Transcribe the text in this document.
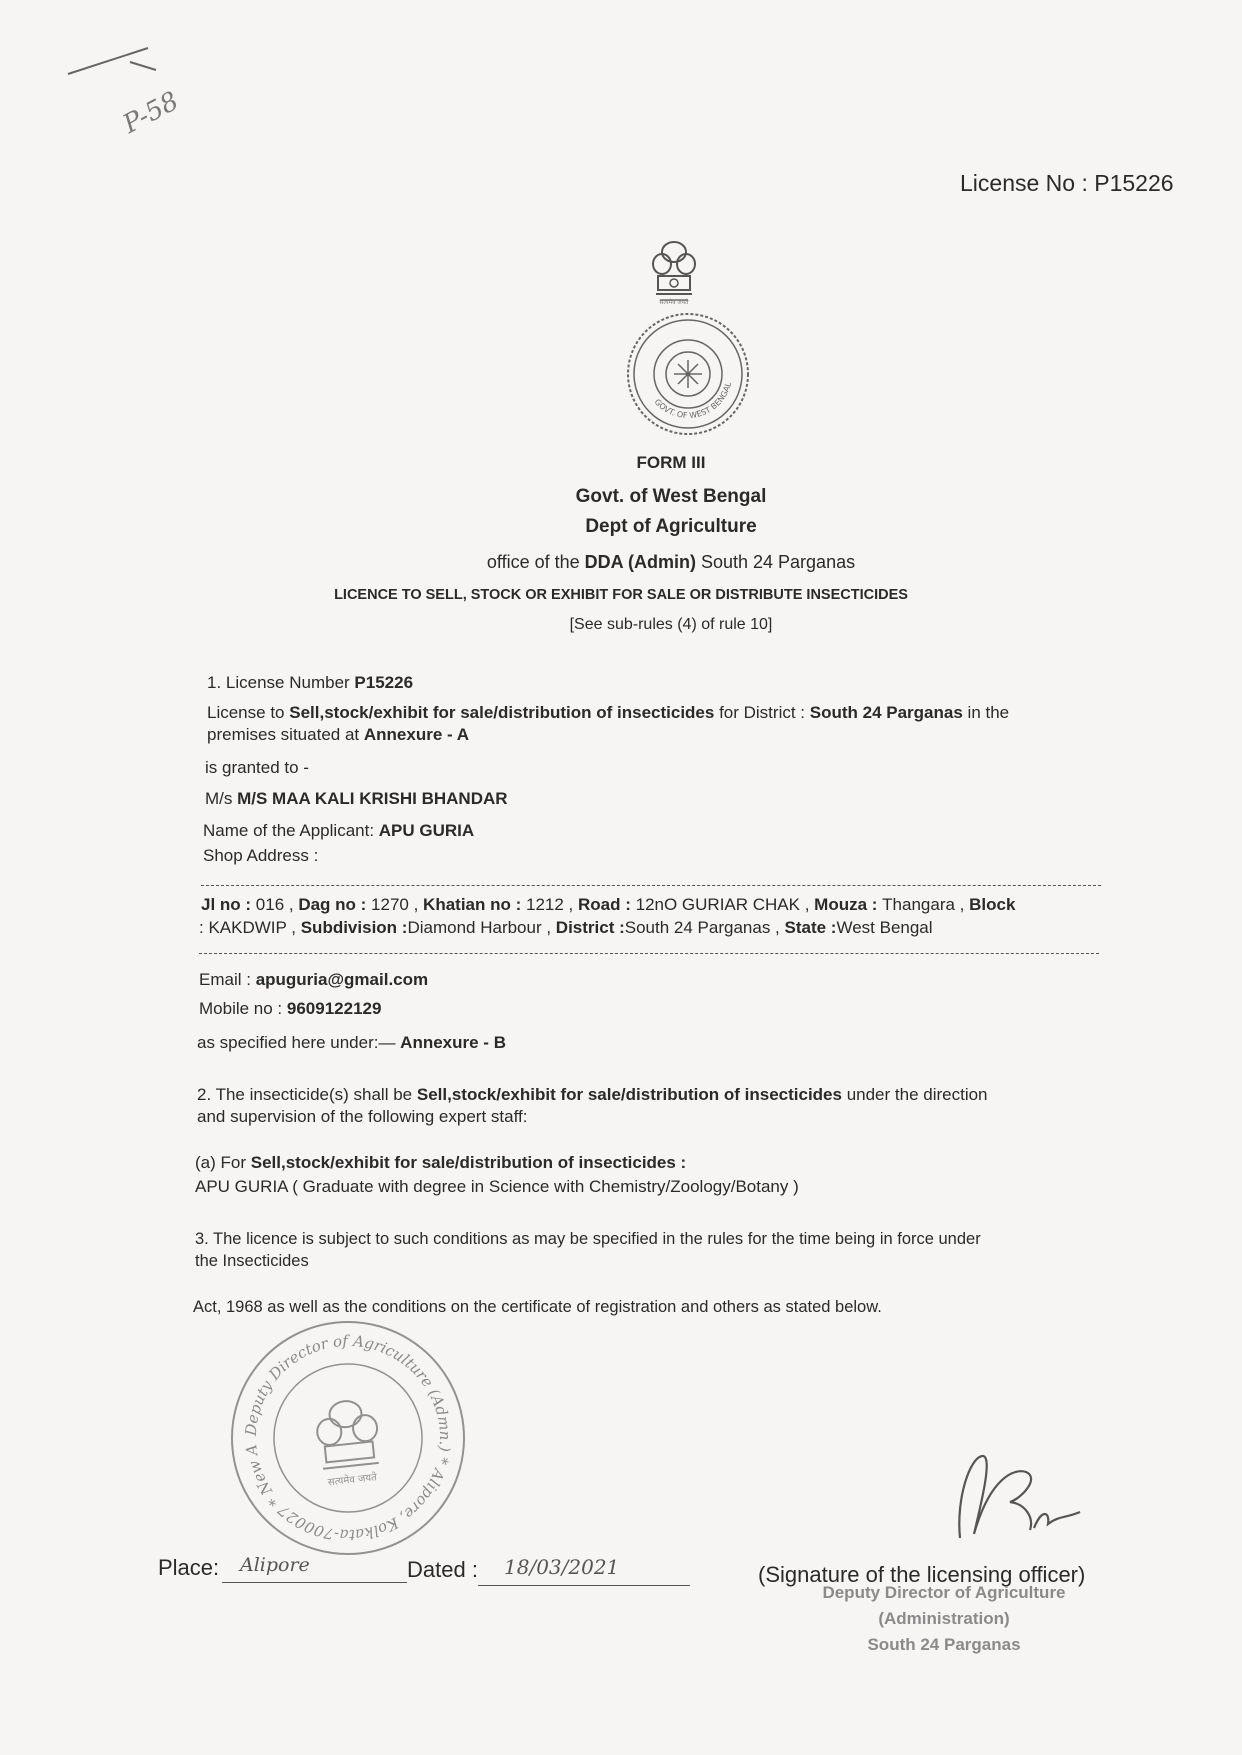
P-58
License No : P15226
GOVT. OF WEST BENGAL
सत्यमेव जयते
FORM III
Govt. of West Bengal
Dept of Agriculture
office of the DDA (Admin) South 24 Parganas
LICENCE TO SELL, STOCK OR EXHIBIT FOR SALE OR DISTRIBUTE INSECTICIDES
[See sub-rules (4) of rule 10]
1. License Number P15226
License to Sell,stock/exhibit for sale/distribution of insecticides for District : South 24 Parganas in the
premises situated at Annexure - A
is granted to -
M/s M/S MAA KALI KRISHI BHANDAR
Name of the Applicant: APU GURIA
Shop Address :
Jl no : 016 , Dag no : 1270 , Khatian no : 1212 , Road : 12nO GURIAR CHAK , Mouza : Thangara , Block
: KAKDWIP , Subdivision :Diamond Harbour , District :South 24 Parganas , State :West Bengal
Email : apuguria@gmail.com
Mobile no : 9609122129
as specified here under:— Annexure - B
2. The insecticide(s) shall be Sell,stock/exhibit for sale/distribution of insecticides under the direction
and supervision of the following expert staff:
(a) For Sell,stock/exhibit for sale/distribution of insecticides :
APU GURIA ( Graduate with degree in Science with Chemistry/Zoology/Botany )
3. The licence is subject to such conditions as may be specified in the rules for the time being in force under
the Insecticides
Act, 1968 as well as the conditions on the certificate of registration and others as stated below.
Deputy Director of Agriculture (Admn.) * Alipore, Kolkata-700027 * New Admn. Building, 6th Floor *
सत्यमेव जयते
Place: Alipore	Dated : 18/03/2021	(Signature of the licensing officer)
Deputy Director of Agriculture
(Administration)
South 24 Parganas
